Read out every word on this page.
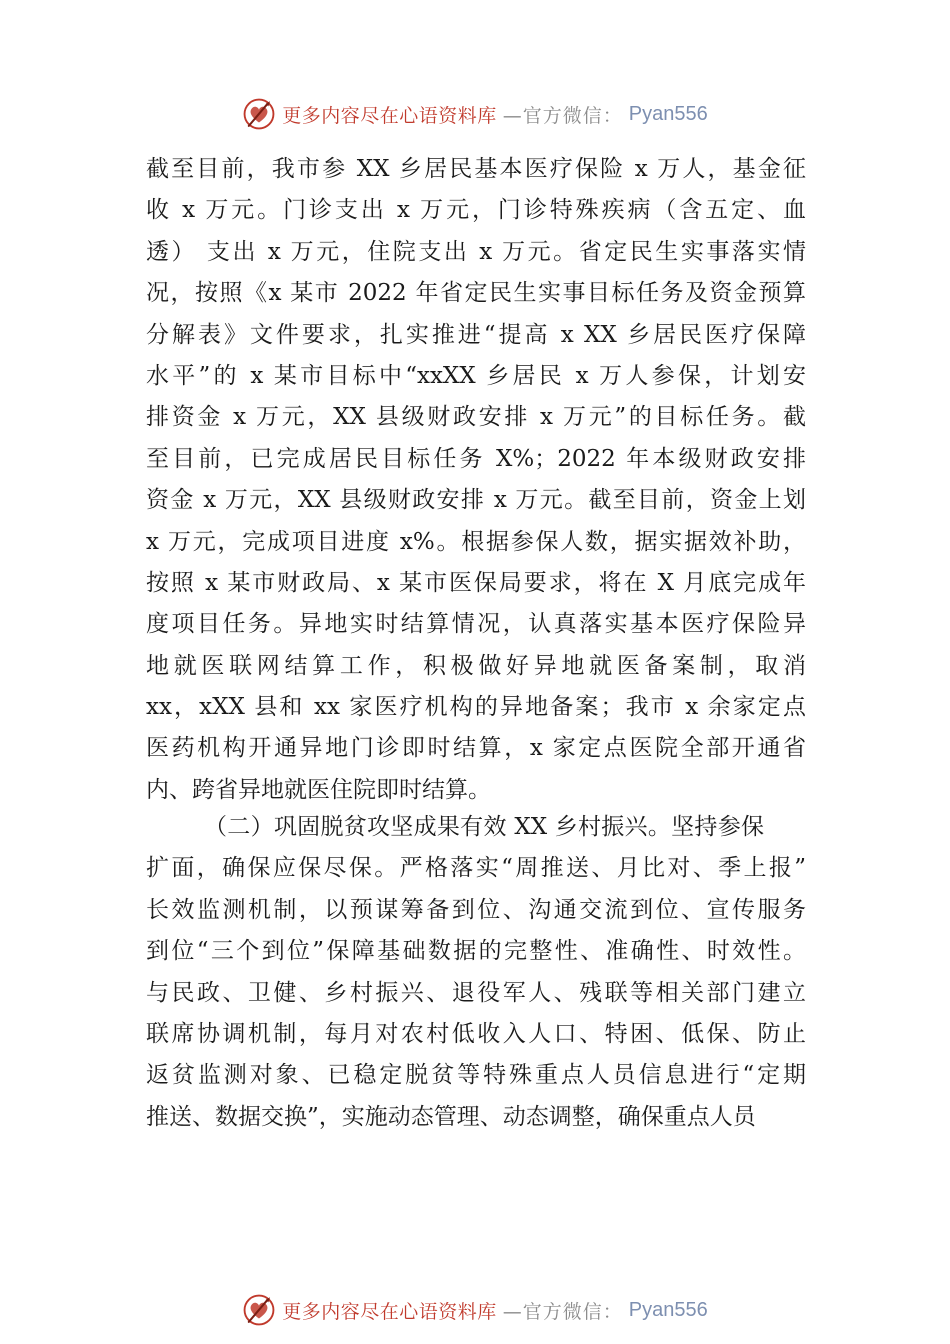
更多内容尽在心语资料库 —官方微信： Pyan556
截至目前，我市参 XX 乡居民基本医疗保险 x 万人，基金征
收 x 万元。门诊支出 x 万元，门诊特殊疾病（含五定、血
透） 支出 x 万元，住院支出 x 万元。省定民生实事落实情
况，按照《x 某市 2022 年省定民生实事目标任务及资金预算
分解表》文件要求，扎实推进“提高 x XX 乡居民医疗保障
水平”的 x 某市目标中“xxXX 乡居民 x 万人参保，计划安
排资金 x 万元，XX 县级财政安排 x 万元”的目标任务。截
至目前，已完成居民目标任务 X%；2022 年本级财政安排
资金 x 万元，XX 县级财政安排 x 万元。截至目前，资金上划
x 万元，完成项目进度 x%。根据参保人数，据实据效补助，
按照 x 某市财政局、x 某市医保局要求，将在 X 月底完成年
度项目任务。异地实时结算情况，认真落实基本医疗保险异
地就医联网结算工作，积极做好异地就医备案制，取消
xx，xXX 县和 xx 家医疗机构的异地备案；我市 x 余家定点
医药机构开通异地门诊即时结算，x 家定点医院全部开通省
内、跨省异地就医住院即时结算。
（二）巩固脱贫攻坚成果有效 XX 乡村振兴。坚持参保
扩面，确保应保尽保。严格落实“周推送、月比对、季上报”
长效监测机制，以预谋筹备到位、沟通交流到位、宣传服务
到位“三个到位”保障基础数据的完整性、准确性、时效性。
与民政、卫健、乡村振兴、退役军人、残联等相关部门建立
联席协调机制，每月对农村低收入人口、特困、低保、防止
返贫监测对象、已稳定脱贫等特殊重点人员信息进行“定期
推送、数据交换”，实施动态管理、动态调整，确保重点人员
更多内容尽在心语资料库 —官方微信： Pyan556
